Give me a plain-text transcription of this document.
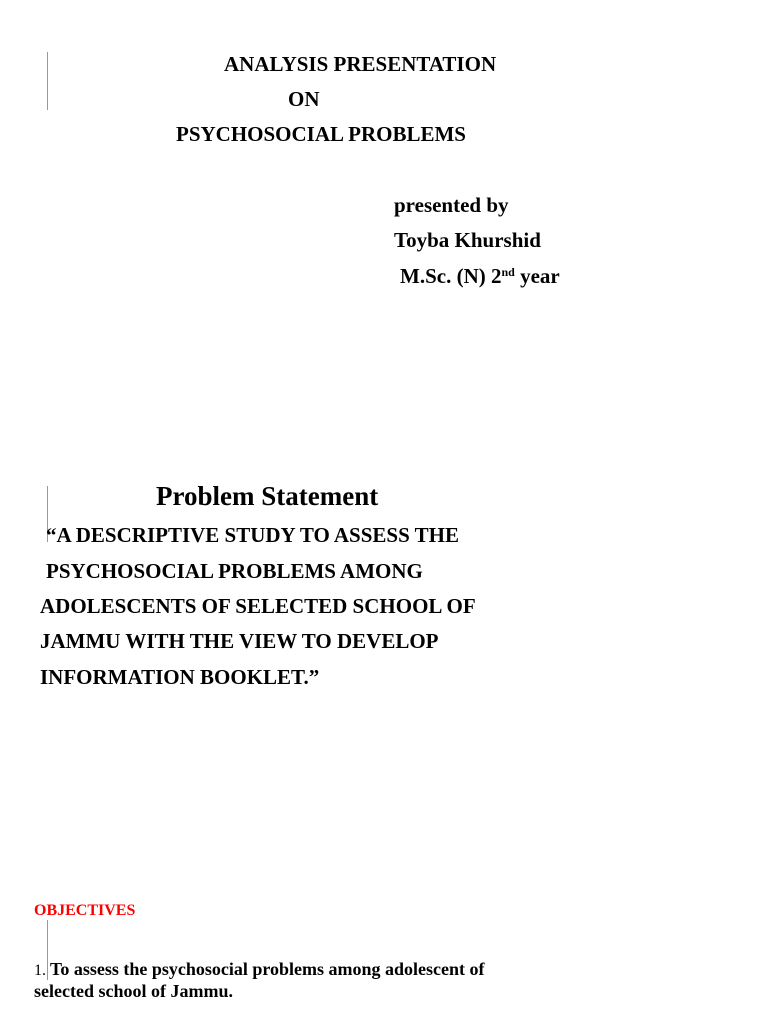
ANALYSIS PRESENTATION
ON
PSYCHOSOCIAL PROBLEMS
presented by
Toyba Khurshid
M.Sc. (N) 2nd year
Problem Statement
“A DESCRIPTIVE STUDY TO ASSESS THE
PSYCHOSOCIAL PROBLEMS AMONG
ADOLESCENTS OF SELECTED SCHOOL OF
JAMMU WITH THE VIEW TO DEVELOP
INFORMATION BOOKLET.”
OBJECTIVES
1. To assess the psychosocial problems among adolescent of
selected school of Jammu.
